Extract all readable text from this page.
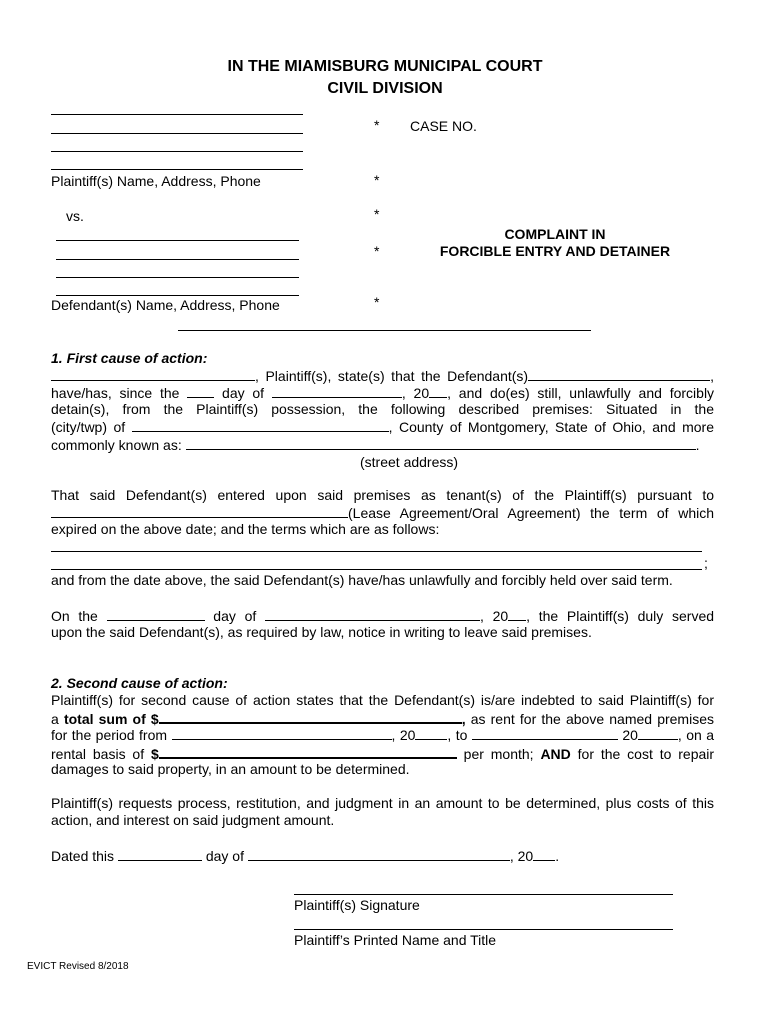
IN THE MIAMISBURG MUNICIPAL COURT
CIVIL DIVISION
Plaintiff(s) Name, Address, Phone
*
*
*
*
*
CASE NO.
vs.
Defendant(s) Name, Address, Phone
COMPLAINT IN
FORCIBLE ENTRY AND DETAINER
1. First cause of action:
, Plaintiff(s), state(s) that the Defendant(s)	,
have/has, since the	day of	, 20 , and do(es) still, unlawfully and forcibly
detain(s), from the Plaintiff(s) possession, the following described premises: Situated in the
(city/twp) of	, County of Montgomery, State of Ohio, and more
commonly known as:	.
(street address)
That said Defendant(s) entered upon said premises as tenant(s) of the Plaintiff(s) pursuant to
(Lease Agreement/Oral Agreement) the term of which
expired on the above date; and the terms which are as follows:
;
and from the date above, the said Defendant(s) have/has unlawfully and forcibly held over said term.
On the	day of	, 20 , the Plaintiff(s) duly served
upon the said Defendant(s), as required by law, notice in writing to leave said premises.
2. Second cause of action:
Plaintiff(s) for second cause of action states that the Defendant(s) is/are indebted to said Plaintiff(s) for
a total sum of $	, as rent for the above named premises
for the period from	, 20 , to	20	, on a
rental basis of $	per month; AND for the cost to repair
damages to said property, in an amount to be determined.
Plaintiff(s) requests process, restitution, and judgment in an amount to be determined, plus costs of this
action, and interest on said judgment amount.
Dated this	day of	, 20 .
Plaintiff(s) Signature
Plaintiff’s Printed Name and Title
EVICT Revised 8/2018
